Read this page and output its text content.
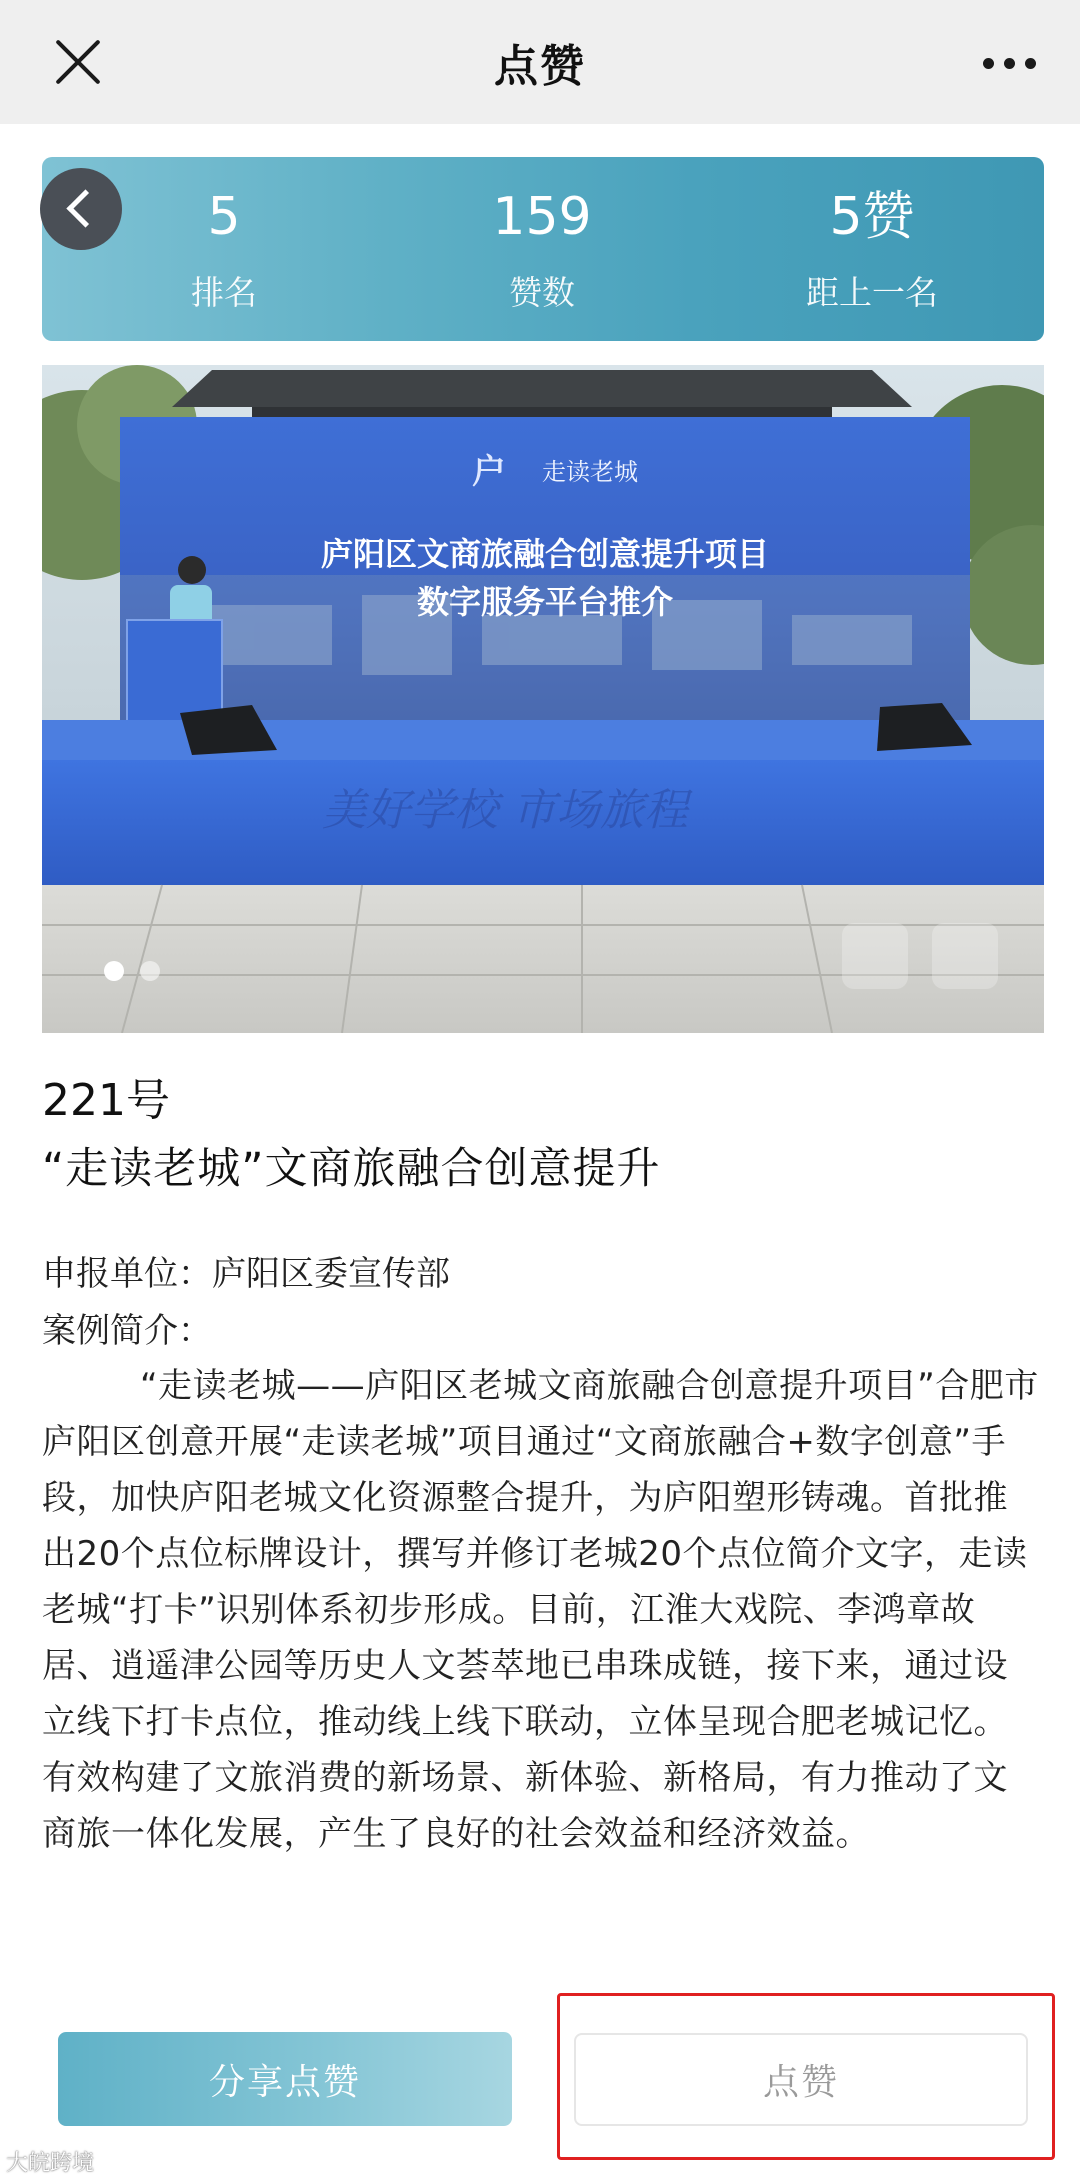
点赞
5
排名
159
赞数
5赞
距上一名
户 走读老城
庐阳区文商旅融合创意提升项目
数字服务平台推介
美好学校 市场旅程
221号
“走读老城”文商旅融合创意提升
申报单位：庐阳区委宣传部
案例简介：
“走读老城——庐阳区老城文商旅融合创意提升项目”合肥市庐阳区创意开展“走读老城”项目通过“文商旅融合+数字创意”手段，加快庐阳老城文化资源整合提升，为庐阳塑形铸魂。首批推出20个点位标牌设计，撰写并修订老城20个点位简介文字，走读老城“打卡”识别体系初步形成。目前，江淮大戏院、李鸿章故居、逍遥津公园等历史人文荟萃地已串珠成链，接下来，通过设立线下打卡点位，推动线上线下联动，立体呈现合肥老城记忆。有效构建了文旅消费的新场景、新体验、新格局，有力推动了文商旅一体化发展，产生了良好的社会效益和经济效益。
分享点赞	点赞
大皖跨境
